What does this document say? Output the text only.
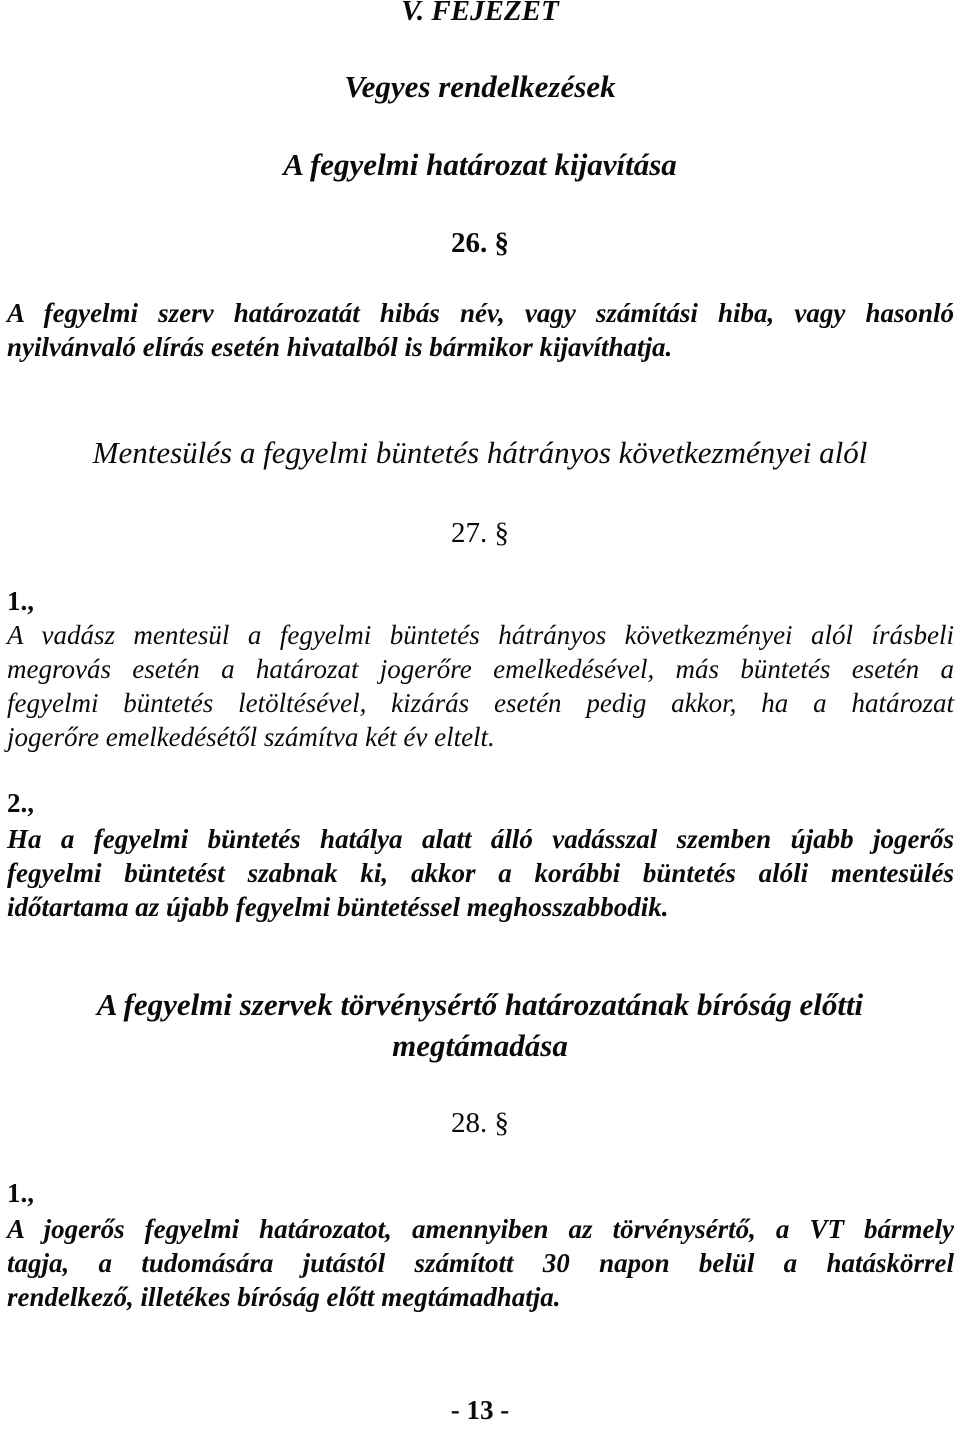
V. FEJEZET
Vegyes rendelkezések
A fegyelmi határozat kijavítása
26. §
A fegyelmi szerv határozatát hibás név, vagy számítási hiba, vagy hasonló
nyilvánvaló elírás esetén hivatalból is bármikor kijavíthatja.
Mentesülés a fegyelmi büntetés hátrányos következményei alól
27. §
1.,
A vadász mentesül a fegyelmi büntetés hátrányos következményei alól írásbeli
megrovás esetén a határozat jogerőre emelkedésével, más büntetés esetén a
fegyelmi büntetés letöltésével, kizárás esetén pedig akkor, ha a határozat
jogerőre emelkedésétől számítva két év eltelt.
2.,
Ha a fegyelmi büntetés hatálya alatt álló vadásszal szemben újabb jogerős
fegyelmi büntetést szabnak ki, akkor a korábbi büntetés alóli mentesülés
időtartama az újabb fegyelmi büntetéssel meghosszabbodik.
A fegyelmi szervek törvénysértő határozatának bíróság előtti
megtámadása
28. §
1.,
A jogerős fegyelmi határozatot, amennyiben az törvénysértő, a VT bármely
tagja, a tudomására jutástól számított 30 napon belül a hatáskörrel
rendelkező, illetékes bíróság előtt megtámadhatja.
- 13 -
